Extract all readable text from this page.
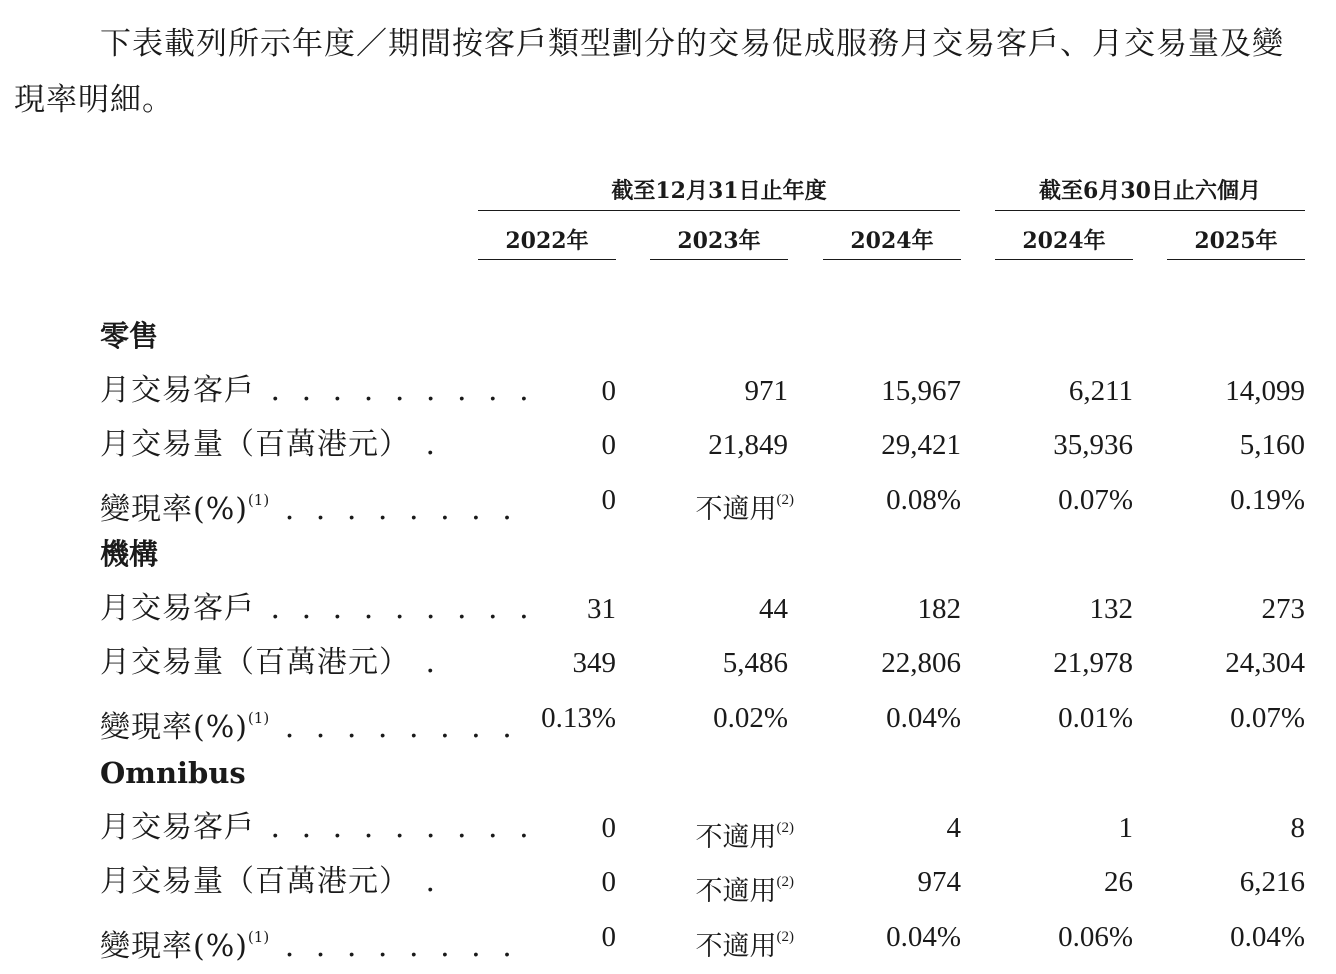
下表載列所示年度／期間按客戶類型劃分的交易促成服務月交易客戶、月交易量及變現率明細。

截至12月31日止年度	截至6月30日止六個月
2022年	2023年	2024年	2024年	2025年
零售
月交易客戶 . . . . . . . . .	0	971	15,967	6,211	14,099
月交易量（百萬港元） .	0	21,849	29,421	35,936	5,160
變現率(%)$^{(1)}$ . . . . . . . .	0	不適用$^{(2)}$	0.08%	0.07%	0.19%
機構
月交易客戶 . . . . . . . . .	31	44	182	132	273
月交易量（百萬港元） .	349	5,486	22,806	21,978	24,304
變現率(%)$^{(1)}$ . . . . . . . . 0.13%	0.02%	0.04%	0.01%	0.07%
Omnibus
月交易客戶 . . . . . . . . .	0	不適用$^{(2)}$	4	1	8
月交易量（百萬港元） .	0	不適用$^{(2)}$	974	26	6,216
變現率(%)$^{(1)}$ . . . . . . . .	0	不適用$^{(2)}$	0.04%	0.06%	0.04%
